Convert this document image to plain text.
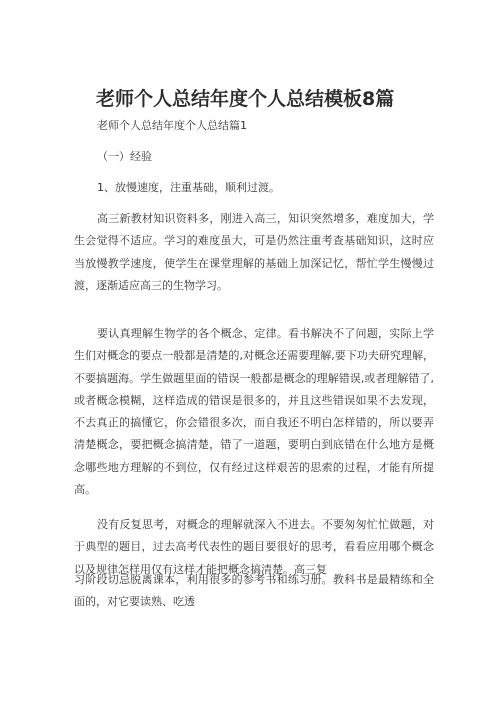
老师个人总结年度个人总结模板8篇
老师个人总结年度个人总结篇1
（一）经验
1、放慢速度，注重基础，顺利过渡。

高三新教材知识资料多，刚进入高三，知识突然增多，难度加大，学生会觉得不适应。学习的难度虽大，可是仍然注重考查基础知识，这时应当放慢教学速度，使学生在课堂理解的基础上加深记忆，帮忙学生慢慢过渡，逐渐适应高三的生物学习。

要认真理解生物学的各个概念、定律。看书解决不了问题，实际上学生们对概念的要点一般都是清楚的,对概念还需要理解,要下功夫研究理解，不要搞题海。学生做题里面的错误一般都是概念的理解错误,或者理解错了,或者概念模糊，这样造成的错误是很多的，并且这些错误如果不去发现，不去真正的搞懂它，你会错很多次，而自我还不明白怎样错的，所以要弄清楚概念，要把概念搞清楚，错了一道题，要明白到底错在什么地方是概念哪些地方理解的不到位，仅有经过这样艰苦的思索的过程，才能有所提高。

没有反复思考，对概念的理解就深入不进去。不要匆匆忙忙做题，对于典型的题目，过去高考代表性的题目要很好的思考，看看应用哪个概念以及规律怎样用仅有这样才能把概念搞清楚。高三复

习阶段切忌脱离课本，利用很多的参考书和练习册。教科书是最精练和全面的，对它要读熟、吃透
